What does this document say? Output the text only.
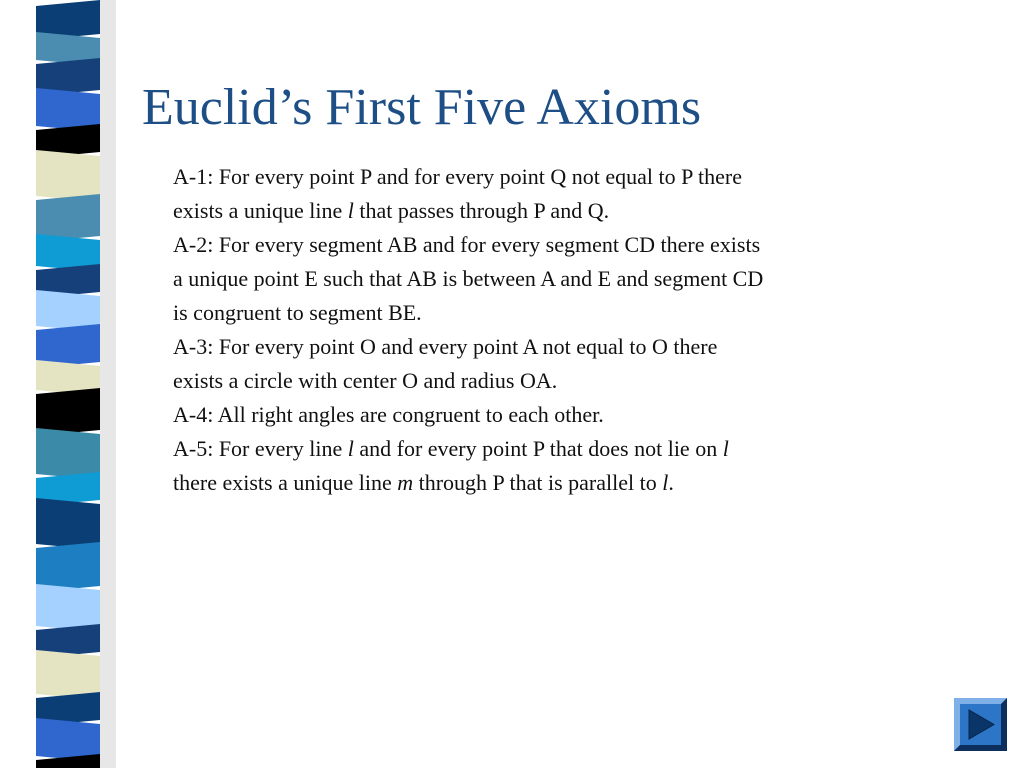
Euclid’s First Five Axioms
A-1: For every point P and for every point Q not equal to P there
exists a unique line l that passes through P and Q.
A-2: For every segment AB and for every segment CD there exists
a unique point E such that AB is between A and E and segment CD
is congruent to segment BE.
A-3: For every point O and every point A not equal to O there
exists a circle with center O and radius OA.
A-4: All right angles are congruent to each other.
A-5: For every line l and for every point P that does not lie on l
there exists a unique line m through P that is parallel to l.
